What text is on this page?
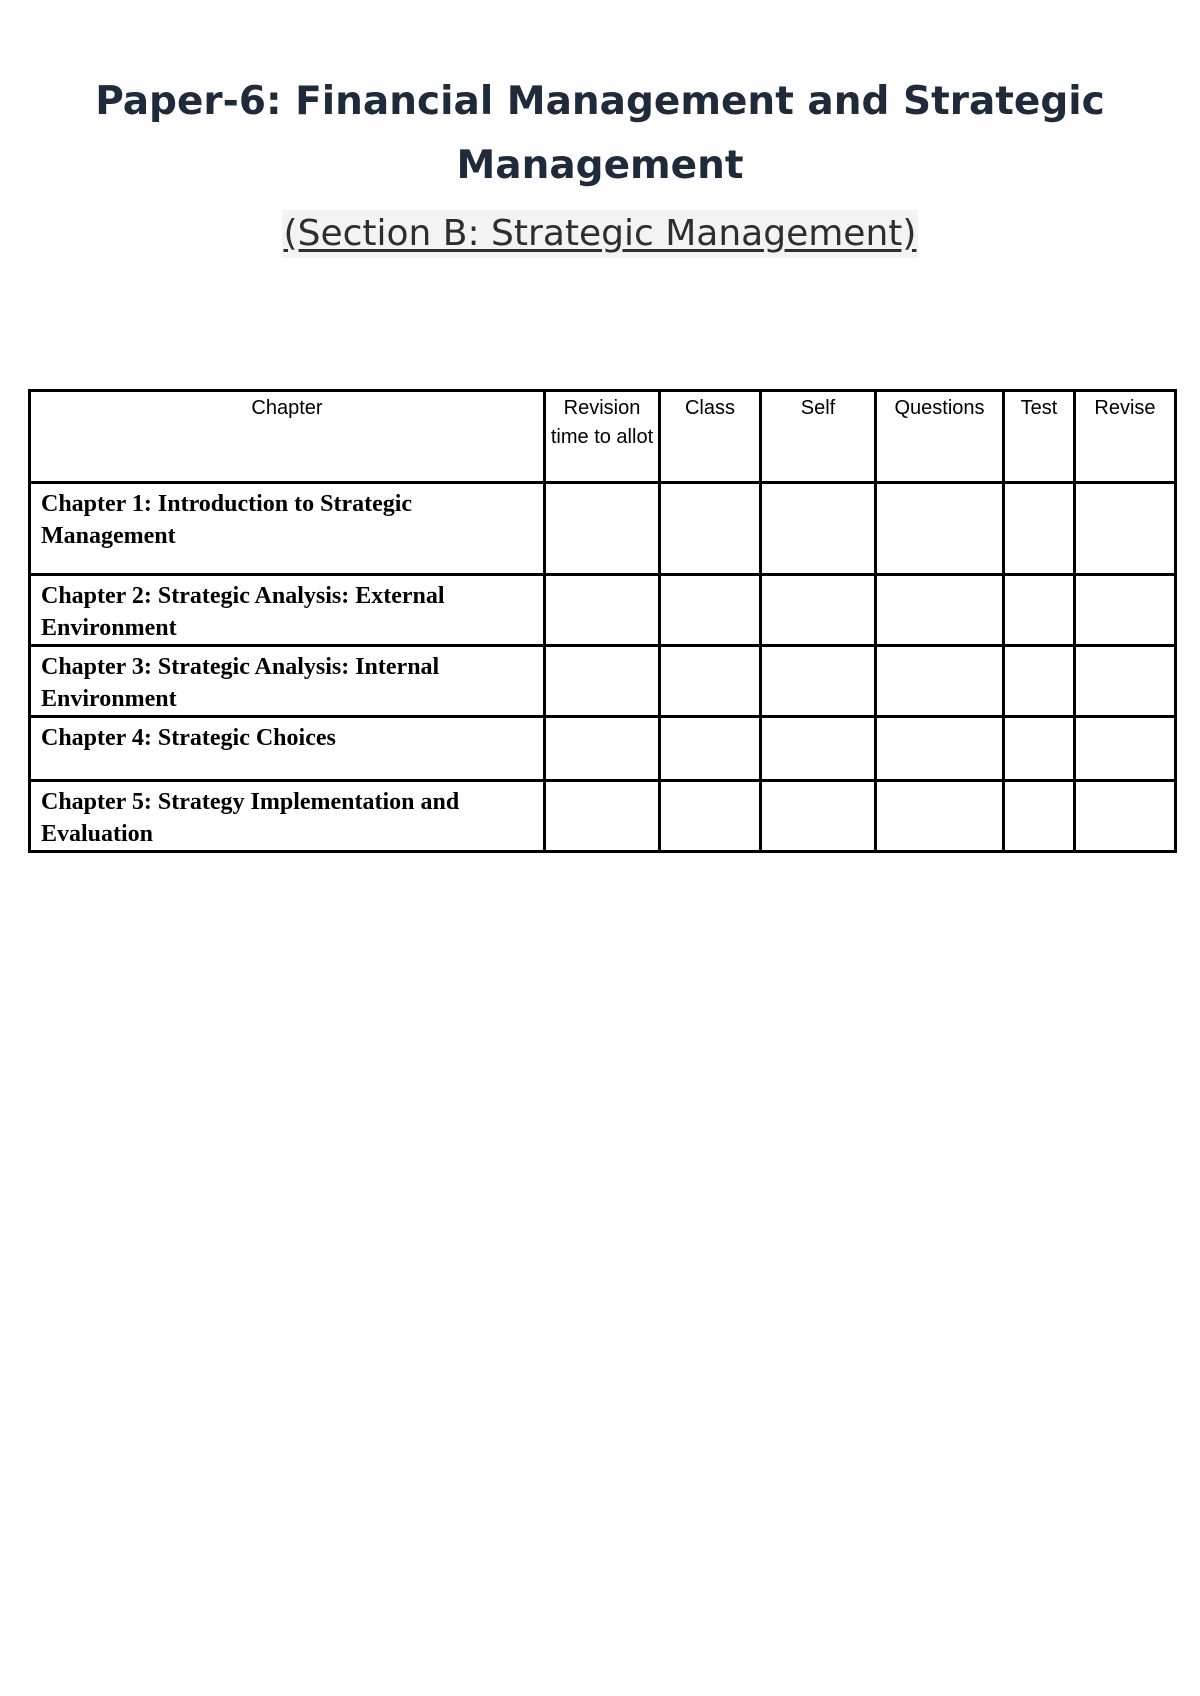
Paper-6: Financial Management and Strategic Management
(Section B: Strategic Management)
Chapter	Revision time to allot	Class	Self	Questions	Test	Revise
Chapter 1: Introduction to Strategic Management						
Chapter 2: Strategic Analysis: External Environment						
Chapter 3: Strategic Analysis: Internal Environment						
Chapter 4: Strategic Choices						
Chapter 5: Strategy Implementation and Evaluation						
